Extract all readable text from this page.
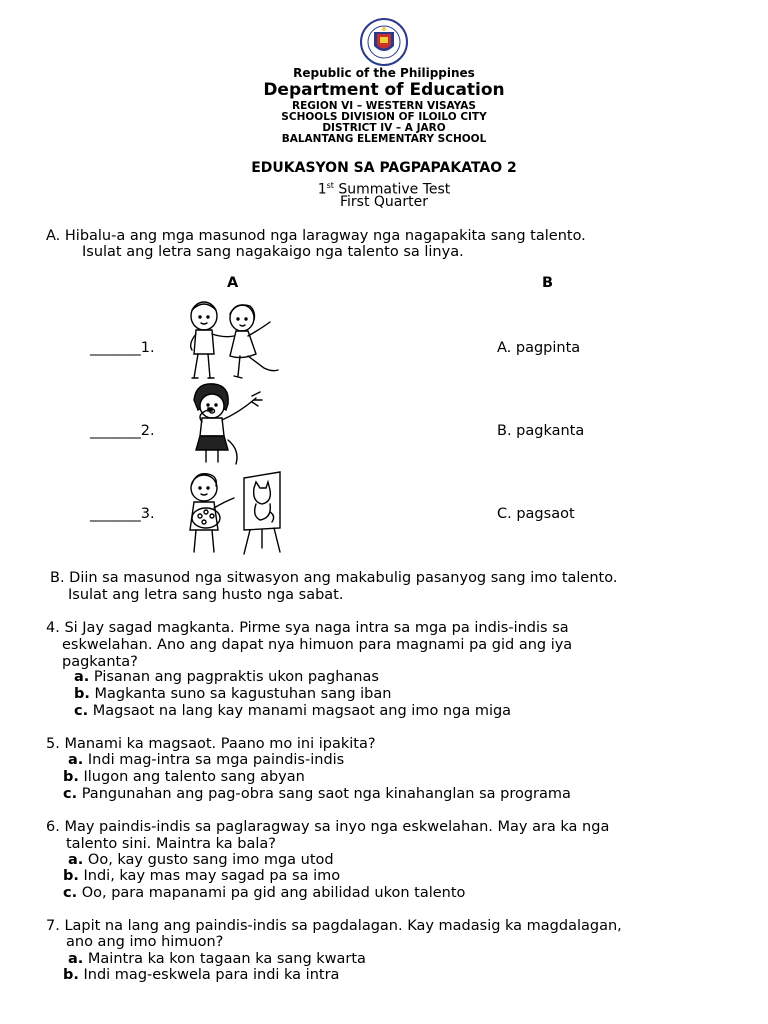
Republic of the Philippines
Department of Education
REGION VI – WESTERN VISAYAS
SCHOOLS DIVISION OF ILOILO CITY
DISTRICT IV – A JARO
BALANTANG ELEMENTARY SCHOOL
EDUKASYON SA PAGPAPAKATAO 2
1st Summative Test
First Quarter
A. Hibalu-a ang mga masunod nga laragway nga nagapakita sang talento.
Isulat ang letra sang nagakaigo nga talento sa linya.
A	B
_______1.	A. pagpinta
_______2.	B. pagkanta
_______3.	C. pagsaot
B. Diin sa masunod nga sitwasyon ang makabulig pasanyog sang imo talento.
Isulat ang letra sang husto nga sabat.
4. Si Jay sagad magkanta. Pirme sya naga intra sa mga pa indis-indis sa
eskwelahan. Ano ang dapat nya himuon para magnami pa gid ang iya
pagkanta?
a. Pisanan ang pagpraktis ukon paghanas
b. Magkanta suno sa kagustuhan sang iban
c. Magsaot na lang kay manami magsaot ang imo nga miga
5. Manami ka magsaot. Paano mo ini ipakita?
a. Indi mag-intra sa mga paindis-indis
b. Ilugon ang talento sang abyan
c. Pangunahan ang pag-obra sang saot nga kinahanglan sa programa
6. May paindis-indis sa paglaragway sa inyo nga eskwelahan. May ara ka nga
talento sini. Maintra ka bala?
a. Oo, kay gusto sang imo mga utod
b. Indi, kay mas may sagad pa sa imo
c. Oo, para mapanami pa gid ang abilidad ukon talento
7. Lapit na lang ang paindis-indis sa pagdalagan. Kay madasig ka magdalagan,
ano ang imo himuon?
a. Maintra ka kon tagaan ka sang kwarta
b. Indi mag-eskwela para indi ka intra
